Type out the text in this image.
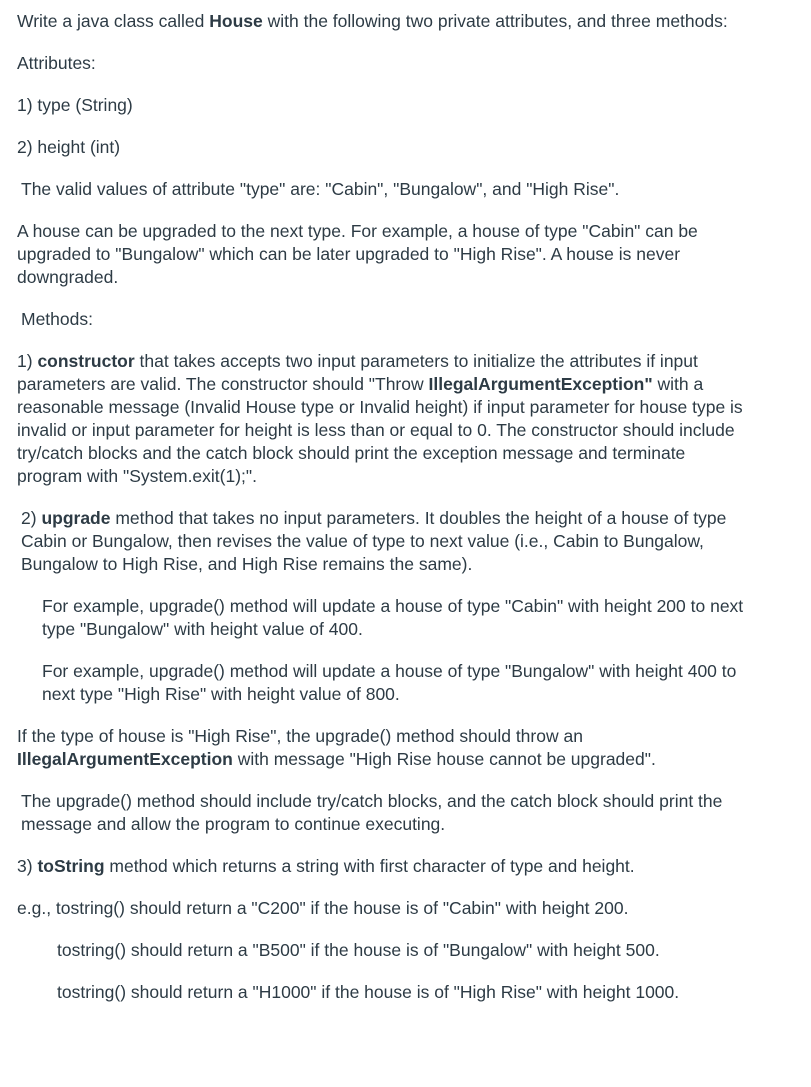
Write a java class called House with the following two private attributes, and three methods:

Attributes:

1) type (String)

2) height (int)

The valid values of attribute "type" are: "Cabin", "Bungalow", and "High Rise".

A house can be upgraded to the next type. For example, a house of type "Cabin" can be upgraded to "Bungalow" which can be later upgraded to "High Rise". A house is never downgraded.

Methods:

1) constructor that takes accepts two input parameters to initialize the attributes if input parameters are valid. The constructor should "Throw IllegalArgumentException" with a reasonable message (Invalid House type or Invalid height) if input parameter for house type is invalid or input parameter for height is less than or equal to 0. The constructor should include try/catch blocks and the catch block should print the exception message and terminate program with "System.exit(1);".

2) upgrade method that takes no input parameters. It doubles the height of a house of type Cabin or Bungalow, then revises the value of type to next value (i.e., Cabin to Bungalow, Bungalow to High Rise, and High Rise remains the same).

For example, upgrade() method will update a house of type "Cabin" with height 200 to next type "Bungalow" with height value of 400.

For example, upgrade() method will update a house of type "Bungalow" with height 400 to next type "High Rise" with height value of 800.

If the type of house is "High Rise", the upgrade() method should throw an IllegalArgumentException with message "High Rise house cannot be upgraded".

The upgrade() method should include try/catch blocks, and the catch block should print the message and allow the program to continue executing.

3) toString method which returns a string with first character of type and height.

e.g., tostring() should return a "C200" if the house is of "Cabin" with height 200.

tostring() should return a "B500" if the house is of "Bungalow" with height 500.

tostring() should return a "H1000" if the house is of "High Rise" with height 1000.
